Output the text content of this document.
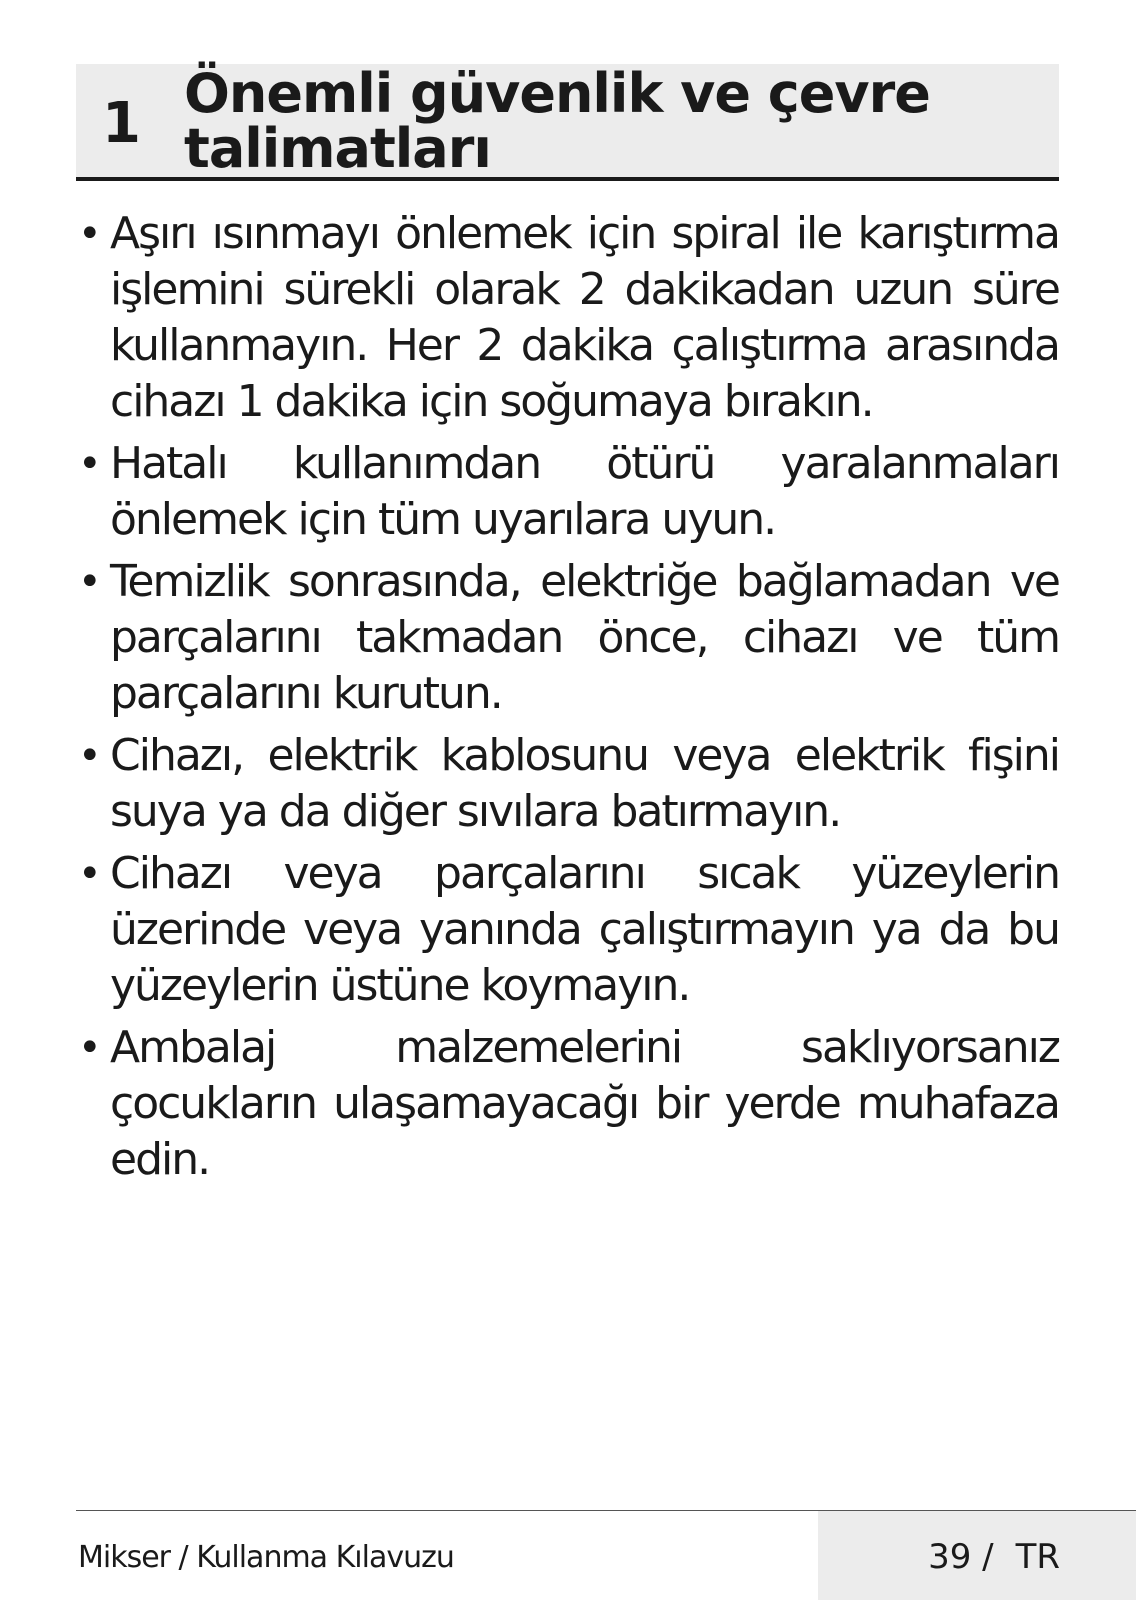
1 Önemli güvenlik ve çevre talimatları
• Aşırı ısınmayı önlemek için spiral ile karıştırma işlemini sürekli olarak 2 dakikadan uzun süre kullanmayın. Her 2 dakika çalıştırma arasında cihazı 1 dakika için soğumaya bırakın.
• Hatalı kullanımdan ötürü yaralanmaları önlemek için tüm uyarılara uyun.
• Temizlik sonrasında, elektriğe bağlamadan ve parçalarını takmadan önce, cihazı ve tüm parçalarını kurutun.
• Cihazı, elektrik kablosunu veya elektrik fişini suya ya da diğer sıvılara batırmayın.
• Cihazı veya parçalarını sıcak yüzeylerin üzerinde veya yanında çalıştırmayın ya da bu yüzeylerin üstüne koymayın.
• Ambalaj malzemelerini saklıyorsanız çocukların ulaşamayacağı bir yerde muhafaza edin.
Mikser / Kullanma Kılavuzu	39 / TR
